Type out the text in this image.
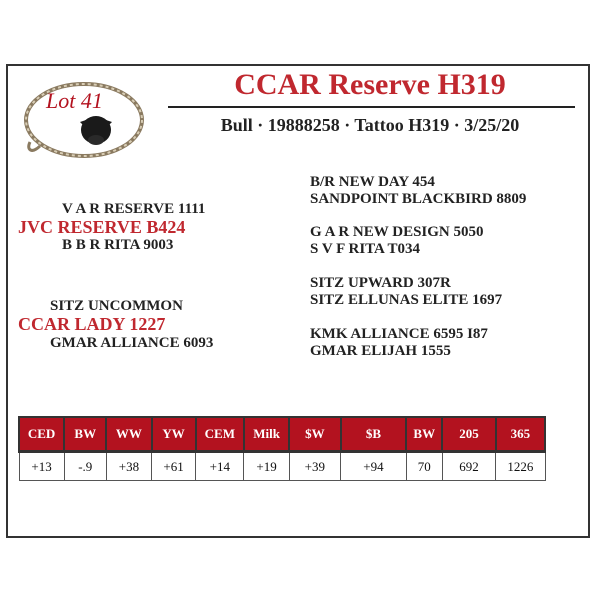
Lot 41	CCAR Reserve H319
Bull · 19888258 · Tattoo H319 · 3/25/20
V A R RESERVE 1111
JVC RESERVE B424
B B R RITA 9003
SITZ UNCOMMON
CCAR LADY 1227
GMAR ALLIANCE 6093
B/R NEW DAY 454
SANDPOINT BLACKBIRD 8809
G A R NEW DESIGN 5050
S V F RITA T034
SITZ UPWARD 307R
SITZ ELLUNAS ELITE 1697
KMK ALLIANCE 6595 I87
GMAR ELIJAH 1555
CED	BW	WW	YW	CEM	Milk	$W	$B	BW	205	365
+13	-.9	+38	+61	+14	+19	+39	+94	70	692	1226
